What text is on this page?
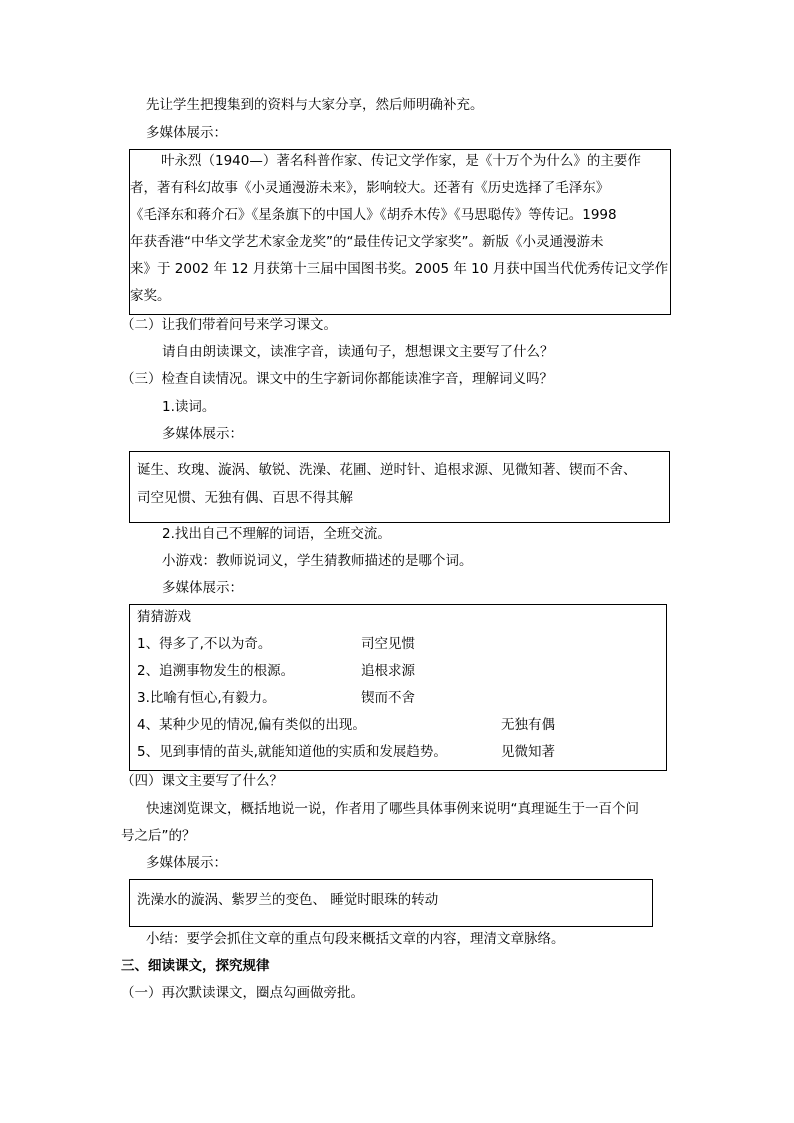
先让学生把搜集到的资料与大家分享，然后师明确补充。
多媒体展示：
叶永烈（1940—）著名科普作家、传记文学作家，是《十万个为什么》的主要作
者，著有科幻故事《小灵通漫游未来》，影响较大。还著有《历史选择了毛泽东》
《毛泽东和蒋介石》《星条旗下的中国人》《胡乔木传》《马思聪传》等传记。1998
年获香港“中华文学艺术家金龙奖”的“最佳传记文学家奖”。新版《小灵通漫游未
来》于 2002 年 12 月获第十三届中国图书奖。2005 年 10 月获中国当代优秀传记文学作
家奖。
（二）让我们带着问号来学习课文。
请自由朗读课文，读准字音，读通句子，想想课文主要写了什么？
（三）检查自读情况。课文中的生字新词你都能读准字音，理解词义吗？
1.读词。
多媒体展示：
诞生、玫瑰、漩涡、敏锐、洗澡、花圃、逆时针、追根求源、见微知著、锲而不舍、
司空见惯、无独有偶、百思不得其解
2.找出自己不理解的词语，全班交流。
小游戏：教师说词义，学生猜教师描述的是哪个词。
多媒体展示：
猜猜游戏
1、得多了,不以为奇。	司空见惯
2、追溯事物发生的根源。	追根求源
3.比喻有恒心,有毅力。	锲而不舍
4、某种少见的情况,偏有类似的出现。	无独有偶
5、见到事情的苗头,就能知道他的实质和发展趋势。	见微知著
（四）课文主要写了什么？
快速浏览课文，概括地说一说，作者用了哪些具体事例来说明“真理诞生于一百个问
号之后”的？
多媒体展示：
洗澡水的漩涡、紫罗兰的变色、 睡觉时眼珠的转动
小结：要学会抓住文章的重点句段来概括文章的内容，理清文章脉络。
三、细读课文，探究规律
（一）再次默读课文，圈点勾画做旁批。
